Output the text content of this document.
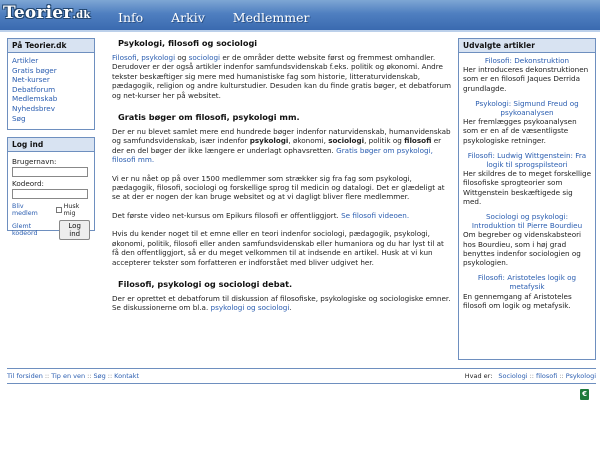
Teorier.dk Info Arkiv Medlemmer
På Teorier.dk
Artikler
Gratis bøger
Net-kurser
Debatforum
Medlemskab
Nyhedsbrev
Søg
Log ind
Brugernavn:
Kodeord:
Bliv medlem
Husk mig
Glemt kodeord
Log ind
Psykologi, filosofi og sociologi

Filosofi, psykologi og sociologi er de områder dette website først og fremmest omhandler. Derudover er der også artikler indenfor samfundsvidenskab f.eks. politik og økonomi. Andre tekster beskæftiger sig mere med humanistiske fag som historie, litteraturvidenskab, pædagogik, religion og andre kulturstudier. Desuden kan du finde gratis bøger, et debatforum og net-kurser her på websitet.

Gratis bøger om filosofi, psykologi mm.

Der er nu blevet samlet mere end hundrede bøger indenfor naturvidenskab, humanvidenskab og samfundsvidenskab, især indenfor psykologi, økonomi, sociologi, politik og filosofi er der en del bøger der ikke længere er underlagt ophavsretten. Gratis bøger om psykologi, filosofi mm.

Vi er nu nået op på over 1500 medlemmer som strækker sig fra fag som psykologi, pædagogik, filosofi, sociologi og forskellige sprog til medicin og datalogi. Det er glædeligt at se at der er nogen der kan bruge websitet og at vi dagligt bliver flere medlemmer.

Det første video net-kursus om Epikurs filosofi er offentliggjort. Se filosofi videoen.

Hvis du kender noget til et emne eller en teori indenfor sociologi, pædagogik, psykologi, økonomi, politik, filosofi eller anden samfundsvidenskab eller humaniora og du har lyst til at få den offentliggjort, så er du meget velkommen til at indsende en artikel. Husk at vi kun accepterer tekster som forfatteren er indforstået med bliver udgivet her.

Filosofi, psykologi og sociologi debat.

Der er oprettet et debatforum til diskussion af filosofiske, psykologiske og sociologiske emner. Se diskussionerne om bl.a. psykologi og sociologi.

Udvalgte artikler
Filosofi: Dekonstruktion
Her introduceres dekonstruktionen som er en filosofi Jaques Derrida grundlagde.
Psykologi: Sigmund Freud og psykoanalysen
Her fremlægges psykoanalysen som er en af de væsentligste psykologiske retninger.
Filosofi: Ludwig Wittgenstein: Fra logik til sprogspilsteori
Her skildres de to meget forskellige filosofiske sprogteorier som Wittgenstein beskæftigede sig med.
Sociologi og psykologi: Introduktion til Pierre Bourdieu
Om begreber og videnskabsteori hos Bourdieu, som i høj grad benyttes indenfor sociologien og psykologien.
Filosofi: Aristoteles logik og metafysik
En gennemgang af Aristoteles filosofi om logik og metafysik.
Til forsiden :: Tip en ven :: Søg :: Kontakt	Hvad er: Sociologi :: filosofi :: Psykologi
€
